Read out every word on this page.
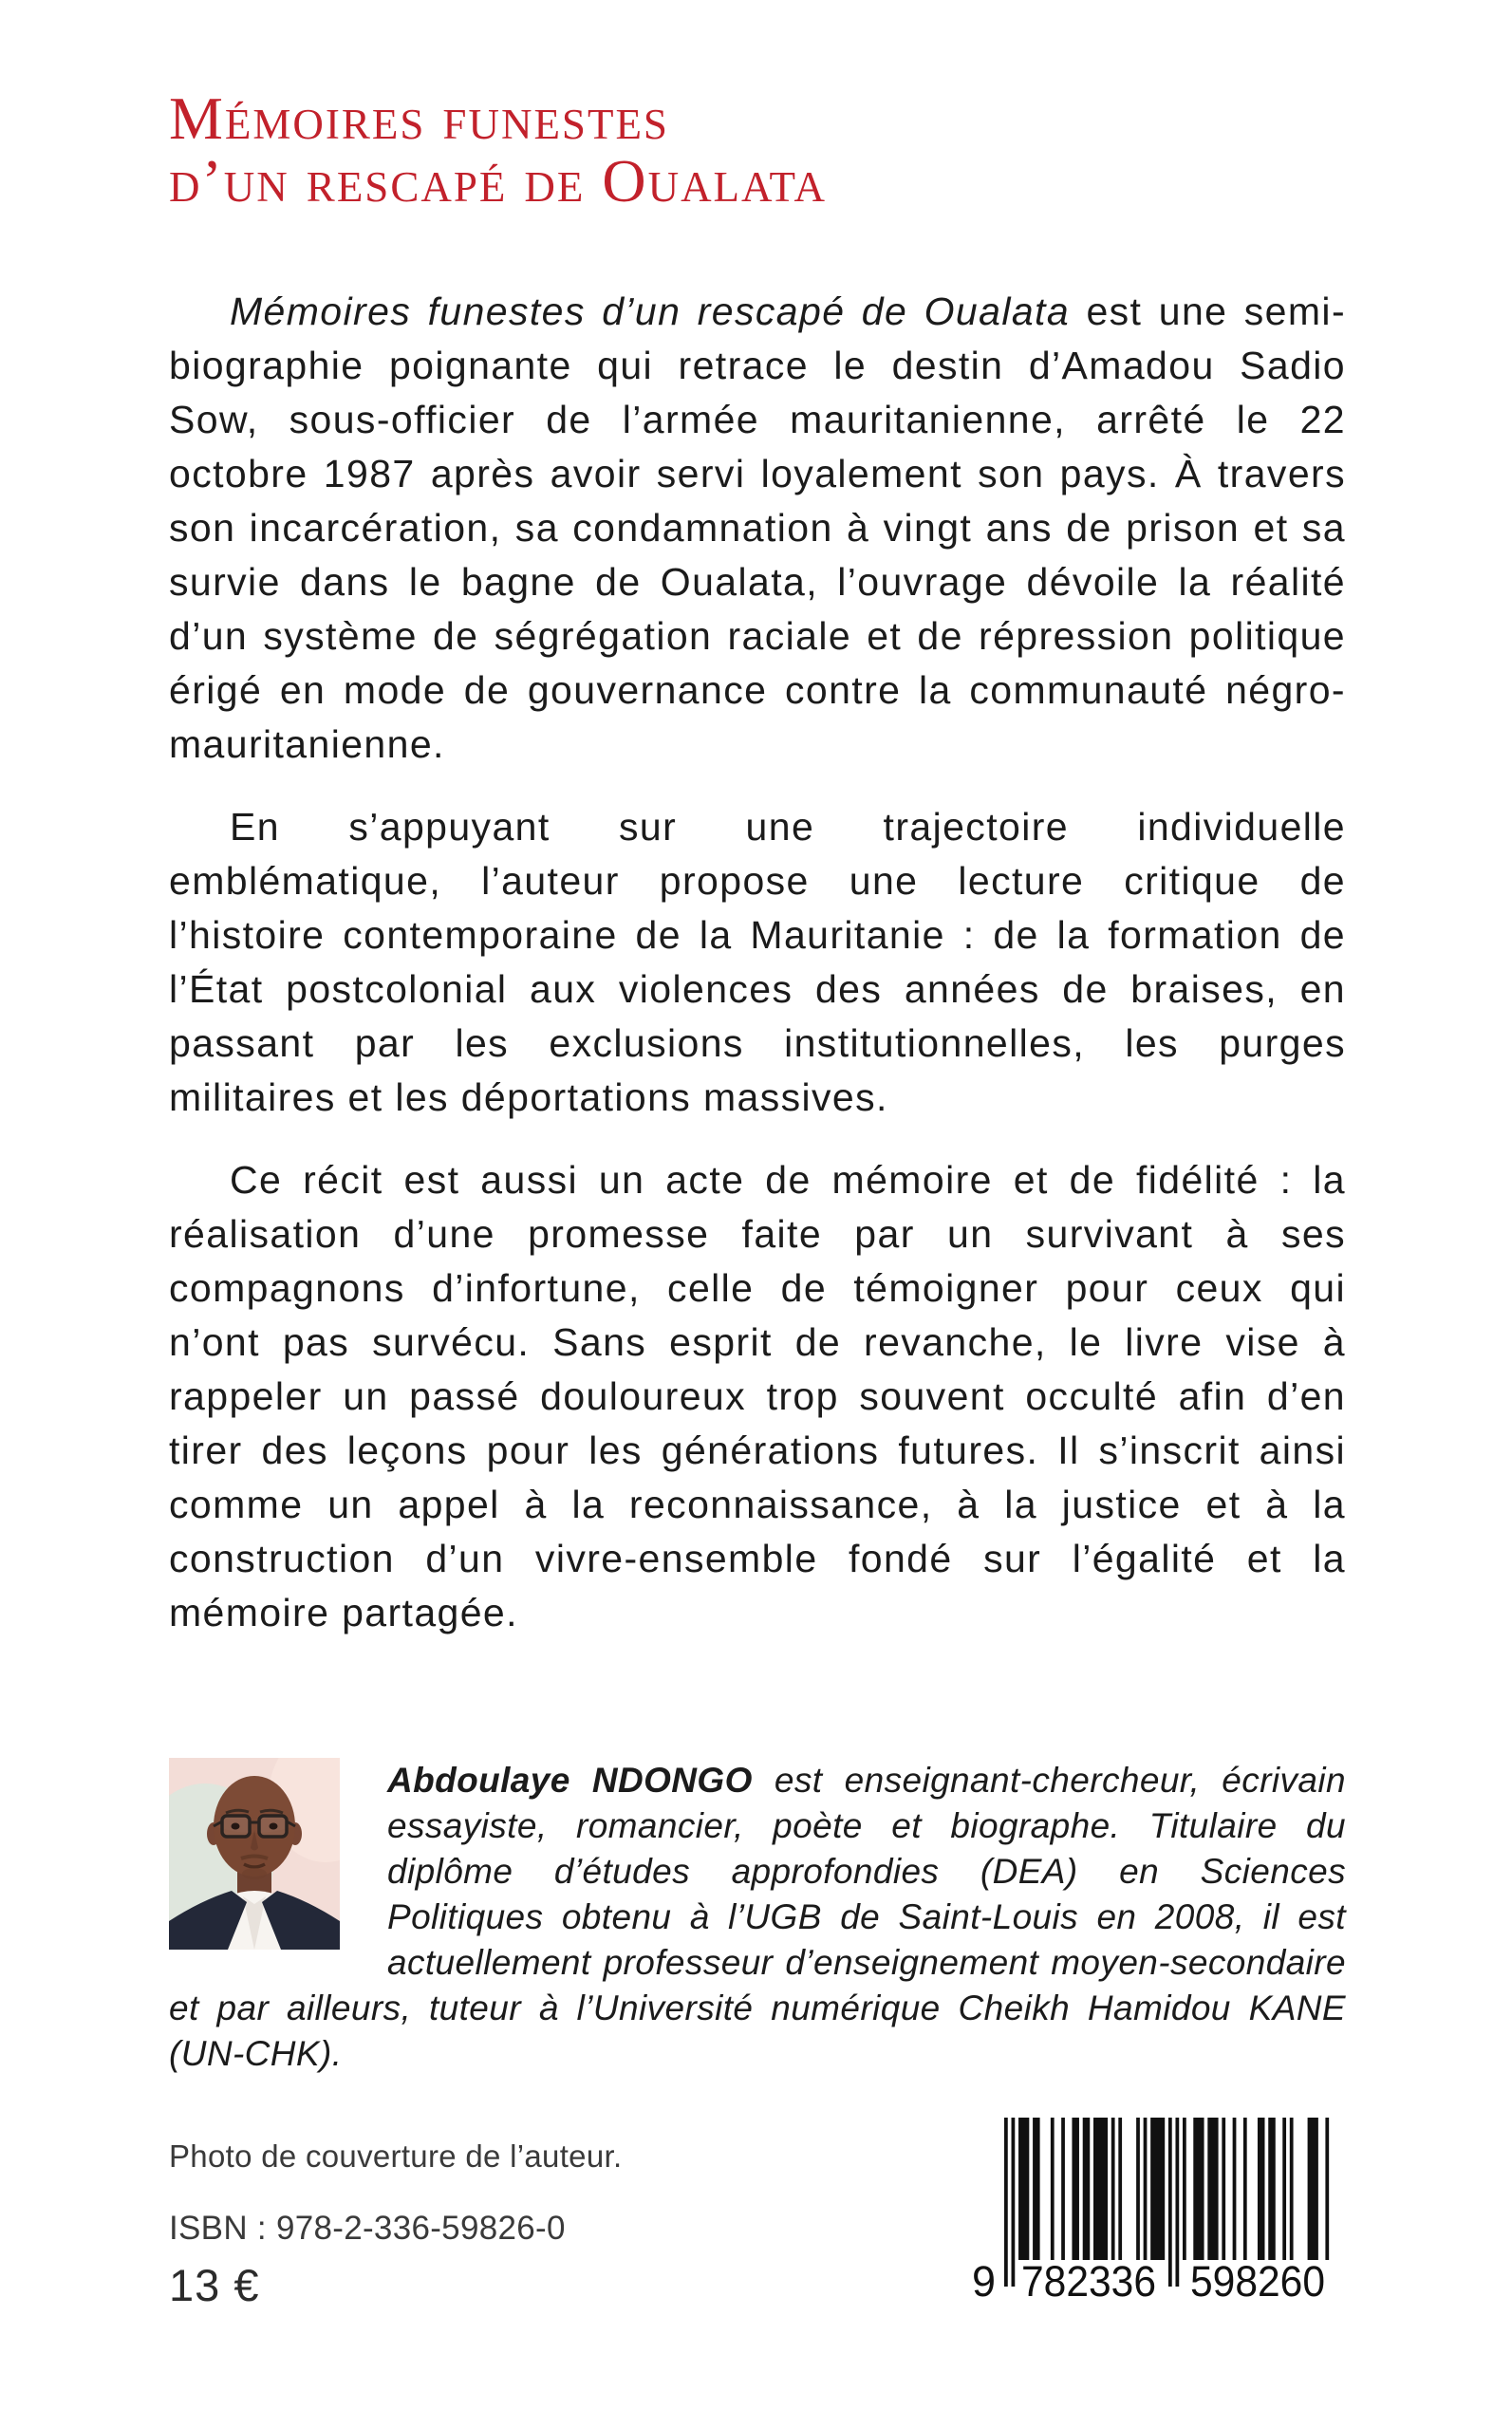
Mémoires funestes
d’un rescapé de Oualata

Mémoires funestes d’un rescapé de Oualata est une semi-biographie poignante qui retrace le destin d’Amadou Sadio Sow, sous-officier de l’armée mauritanienne, arrêté le 22 octobre 1987 après avoir servi loyalement son pays. À travers son incarcération, sa condamnation à vingt ans de prison et sa survie dans le bagne de Oualata, l’ouvrage dévoile la réalité d’un système de ségrégation raciale et de répression politique érigé en mode de gouvernance contre la communauté négro-mauritanienne.

En s’appuyant sur une trajectoire individuelle emblématique, l’auteur propose une lecture critique de l’histoire contemporaine de la Mauritanie : de la formation de l’État postcolonial aux violences des années de braises, en passant par les exclusions institutionnelles, les purges militaires et les déportations massives.

Ce récit est aussi un acte de mémoire et de fidélité : la réalisation d’une promesse faite par un survivant à ses compagnons d’infortune, celle de témoigner pour ceux qui n’ont pas survécu. Sans esprit de revanche, le livre vise à rappeler un passé douloureux trop souvent occulté afin d’en tirer des leçons pour les générations futures. Il s’inscrit ainsi comme un appel à la reconnaissance, à la justice et à la construction d’un vivre-ensemble fondé sur l’égalité et la mémoire partagée.

Abdoulaye NDONGO est enseignant-chercheur, écrivain essayiste, romancier, poète et biographe. Titulaire du diplôme d’études approfondies (DEA) en Sciences Politiques obtenu à l’UGB de Saint-Louis en 2008, il est actuellement professeur d’enseignement moyen-secondaire et par ailleurs, tuteur à l’Université numérique Cheikh Hamidou KANE (UN-CHK).

Photo de couverture de l’auteur.
ISBN : 978-2-336-59826-0
13 €	9 782336 598260
